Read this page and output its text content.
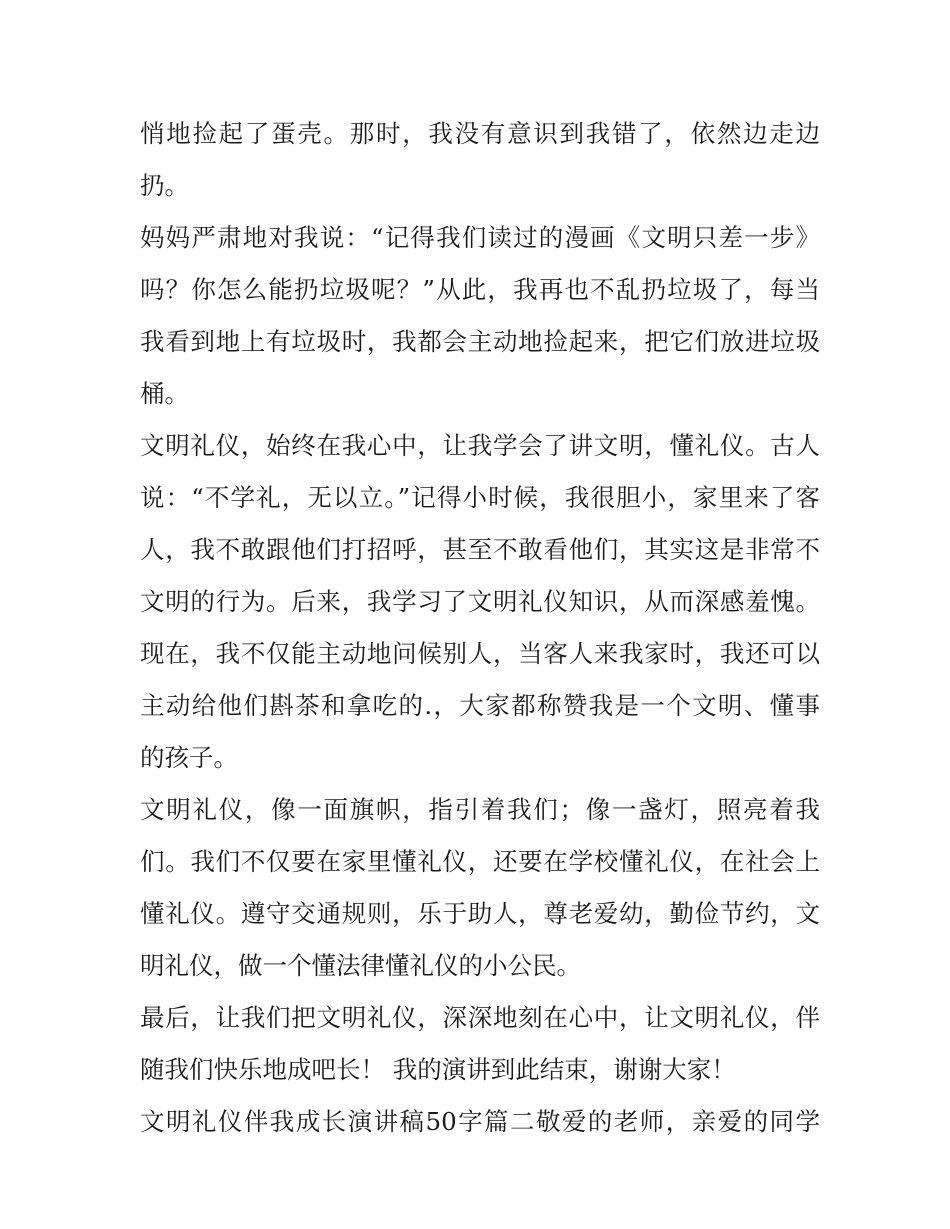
悄地捡起了蛋壳。那时，我没有意识到我错了，依然边走边
扔。
妈妈严肃地对我说：“记得我们读过的漫画《文明只差一步》
吗？你怎么能扔垃圾呢？”从此，我再也不乱扔垃圾了，每当
我看到地上有垃圾时，我都会主动地捡起来，把它们放进垃圾
桶。
文明礼仪，始终在我心中，让我学会了讲文明，懂礼仪。古人
说：“不学礼，无以立。”记得小时候，我很胆小，家里来了客
人，我不敢跟他们打招呼，甚至不敢看他们，其实这是非常不
文明的行为。后来，我学习了文明礼仪知识，从而深感羞愧。
现在，我不仅能主动地问候别人，当客人来我家时，我还可以
主动给他们斟茶和拿吃的.，大家都称赞我是一个文明、懂事
的孩子。
文明礼仪，像一面旗帜，指引着我们；像一盏灯，照亮着我
们。我们不仅要在家里懂礼仪，还要在学校懂礼仪，在社会上
懂礼仪。遵守交通规则，乐于助人，尊老爱幼，勤俭节约，文
明礼仪，做一个懂法律懂礼仪的小公民。
最后，让我们把文明礼仪，深深地刻在心中，让文明礼仪，伴
随我们快乐地成吧长！ 我的演讲到此结束，谢谢大家！
文明礼仪伴我成长演讲稿50字篇二敬爱的老师，亲爱的同学
